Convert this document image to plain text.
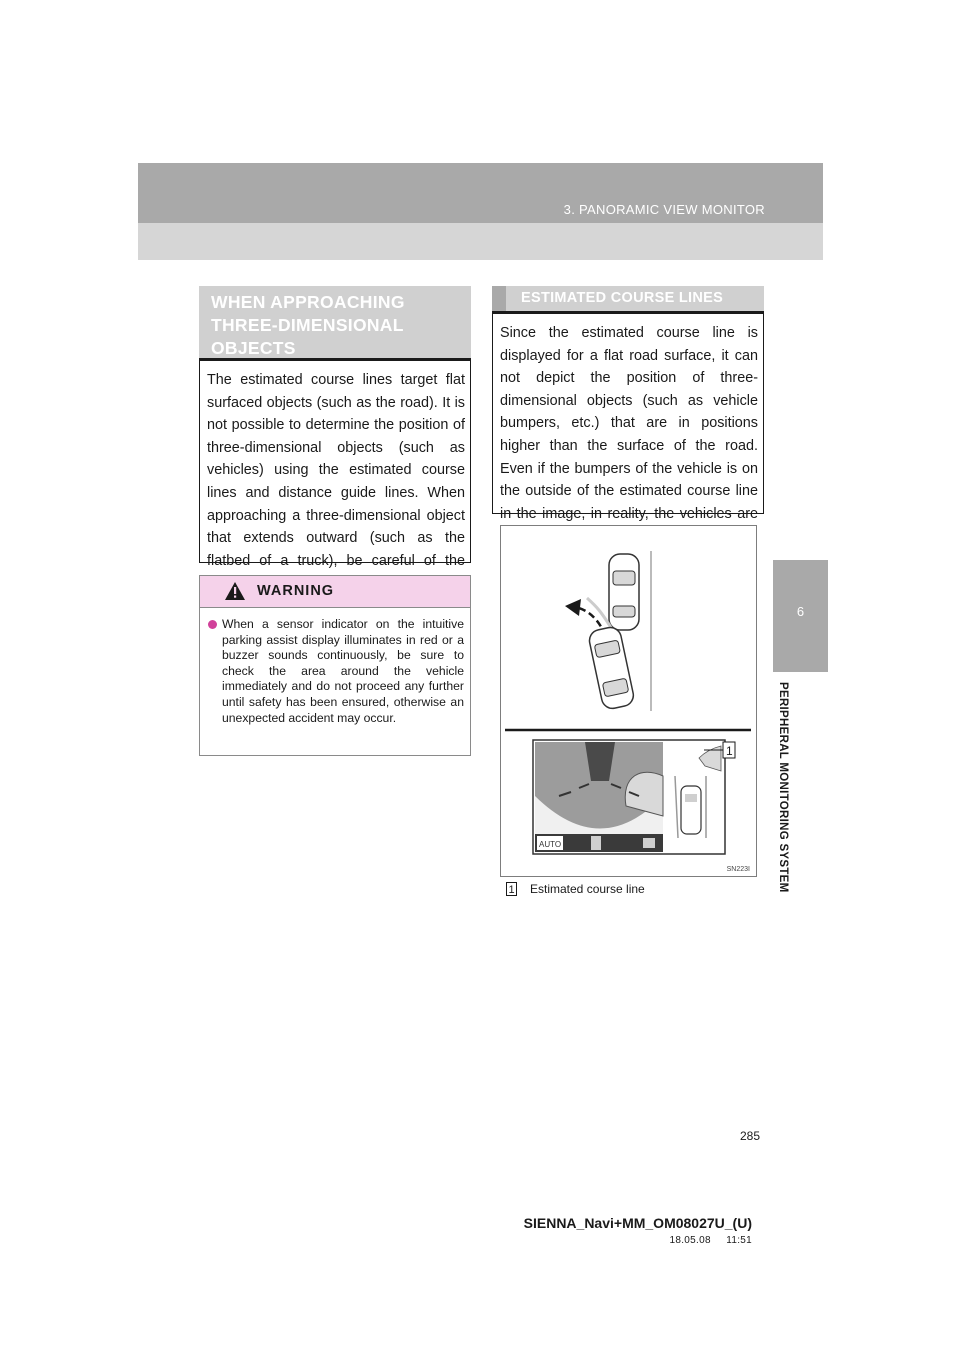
3. PANORAMIC VIEW MONITOR
6
PERIPHERAL MONITORING SYSTEM
WHEN APPROACHING THREE-DIMENSIONAL OBJECTS
The estimated course lines target flat surfaced objects (such as the road). It is not possible to determine the position of three-dimensional objects (such as vehicles) using the estimated course lines and distance guide lines. When approaching a three-dimensional object that extends outward (such as the flatbed of a truck), be careful of the
WARNING

When a sensor indicator on the intuitive parking assist display illuminates in red or a buzzer sounds continuously, be sure to check the area around the vehicle immediately and do not proceed any further until safety has been ensured, otherwise an unexpected accident may occur.

ESTIMATED COURSE LINES
Since the estimated course line is displayed for a flat road surface, it can not depict the position of three-dimensional objects (such as vehicle bumpers, etc.) that are in positions higher than the surface of the road. Even if the bumpers of the vehicle is on the outside of the estimated course line in the image, in reality, the vehicles are
AUTO
1
SN223I
1 Estimated course line
285
SIENNA_Navi+MM_OM08027U_(U)
18.05.08     11:51
